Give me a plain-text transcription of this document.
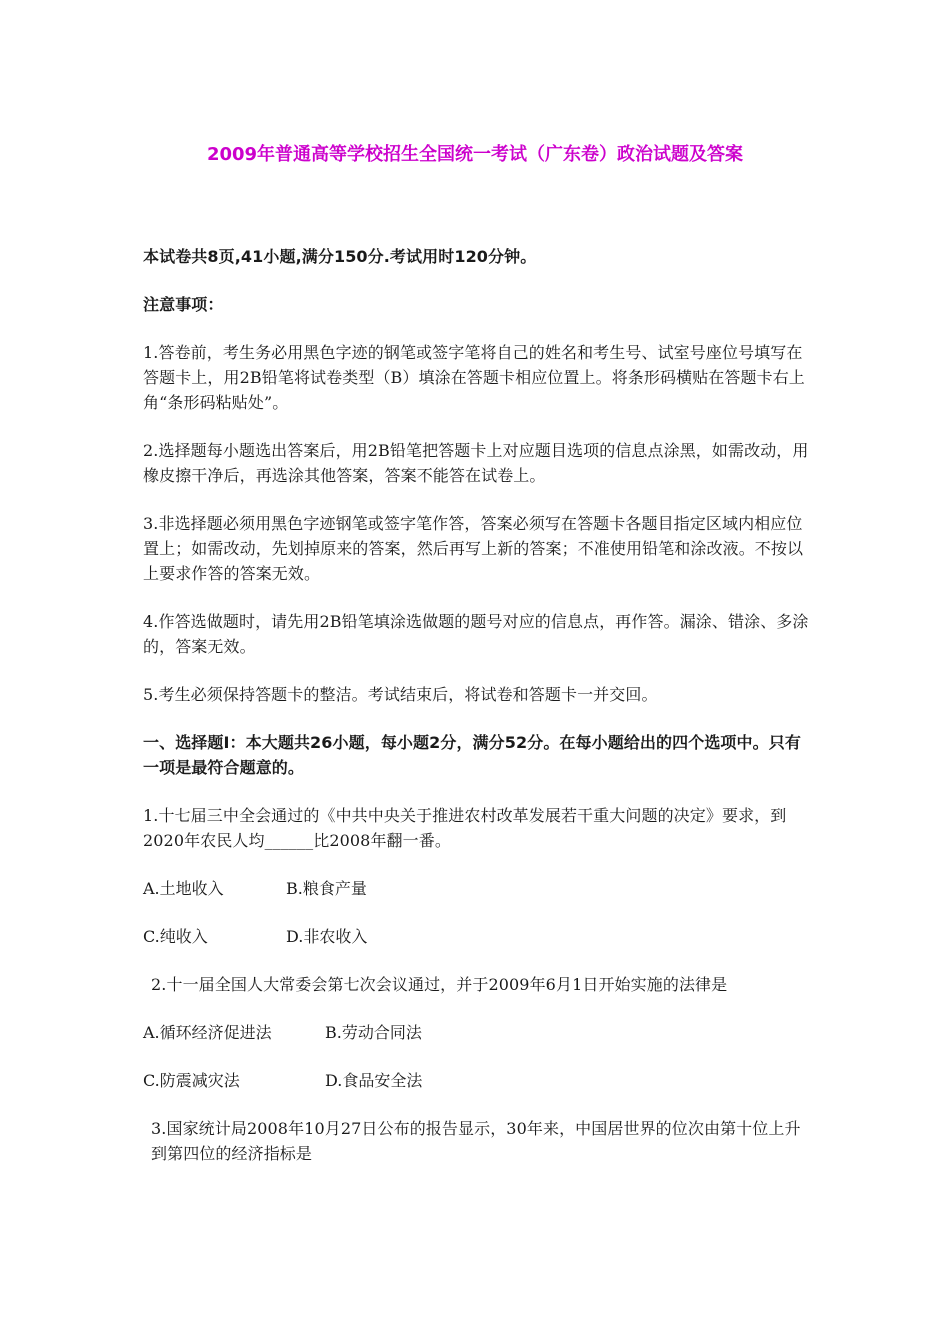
2009年普通高等学校招生全国统一考试（广东卷）政治试题及答案

本试卷共8页,41小题,满分150分.考试用时120分钟。

注意事项：

1.答卷前，考生务必用黑色字迹的钢笔或签字笔将自己的姓名和考生号、试室号座位号填写在答题卡上，用2B铅笔将试卷类型（B）填涂在答题卡相应位置上。将条形码横贴在答题卡右上角“条形码粘贴处”。

2.选择题每小题选出答案后，用2B铅笔把答题卡上对应题目选项的信息点涂黑，如需改动，用橡皮擦干净后，再选涂其他答案，答案不能答在试卷上。

3.非选择题必须用黑色字迹钢笔或签字笔作答，答案必须写在答题卡各题目指定区域内相应位置上；如需改动，先划掉原来的答案，然后再写上新的答案；不准使用铅笔和涂改液。不按以上要求作答的答案无效。

4.作答选做题时，请先用2B铅笔填涂选做题的题号对应的信息点，再作答。漏涂、错涂、多涂的，答案无效。

5.考生必须保持答题卡的整洁。考试结束后，将试卷和答题卡一并交回。

一、选择题Ⅰ：本大题共26小题，每小题2分，满分52分。在每小题给出的四个选项中。只有一项是最符合题意的。

1.十七届三中全会通过的《中共中央关于推进农村改革发展若干重大问题的决定》要求，到2020年农民人均______比2008年翻一番。

A.土地收入	B.粮食产量
C.纯收入	D.非农收入

2.十一届全国人大常委会第七次会议通过，并于2009年6月1日开始实施的法律是

A.循环经济促进法	B.劳动合同法
C.防震减灾法	D.食品安全法

3.国家统计局2008年10月27日公布的报告显示，30年来，中国居世界的位次由第十位上升到第四位的经济指标是
